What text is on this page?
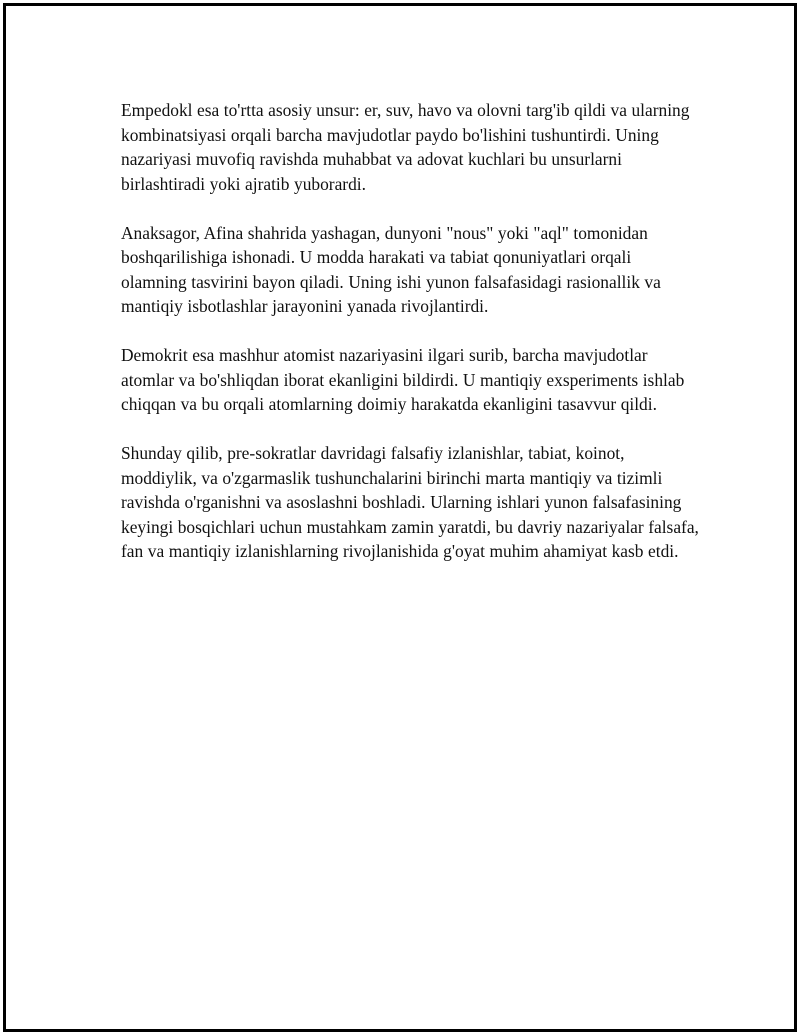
Empedokl esa to'rtta asosiy unsur: er, suv, havo va olovni targ'ib qildi va ularning kombinatsiyasi orqali barcha mavjudotlar paydo bo'lishini tushuntirdi. Uning nazariyasi muvofiq ravishda muhabbat va adovat kuchlari bu unsurlarni birlashtiradi yoki ajratib yuborardi.

Anaksagor, Afina shahrida yashagan, dunyoni "nous" yoki "aql" tomonidan boshqarilishiga ishonadi. U modda harakati va tabiat qonuniyatlari orqali olamning tasvirini bayon qiladi. Uning ishi yunon falsafasidagi rasionallik va mantiqiy isbotlashlar jarayonini yanada rivojlantirdi.

Demokrit esa mashhur atomist nazariyasini ilgari surib, barcha mavjudotlar atomlar va bo'shliqdan iborat ekanligini bildirdi. U mantiqiy exsperiments ishlab chiqqan va bu orqali atomlarning doimiy harakatda ekanligini tasavvur qildi.

Shunday qilib, pre-sokratlar davridagi falsafiy izlanishlar, tabiat, koinot, moddiylik, va o'zgarmaslik tushunchalarini birinchi marta mantiqiy va tizimli ravishda o'rganishni va asoslashni boshladi. Ularning ishlari yunon falsafasining keyingi bosqichlari uchun mustahkam zamin yaratdi, bu davriy nazariyalar falsafa, fan va mantiqiy izlanishlarning rivojlanishida g'oyat muhim ahamiyat kasb etdi.
